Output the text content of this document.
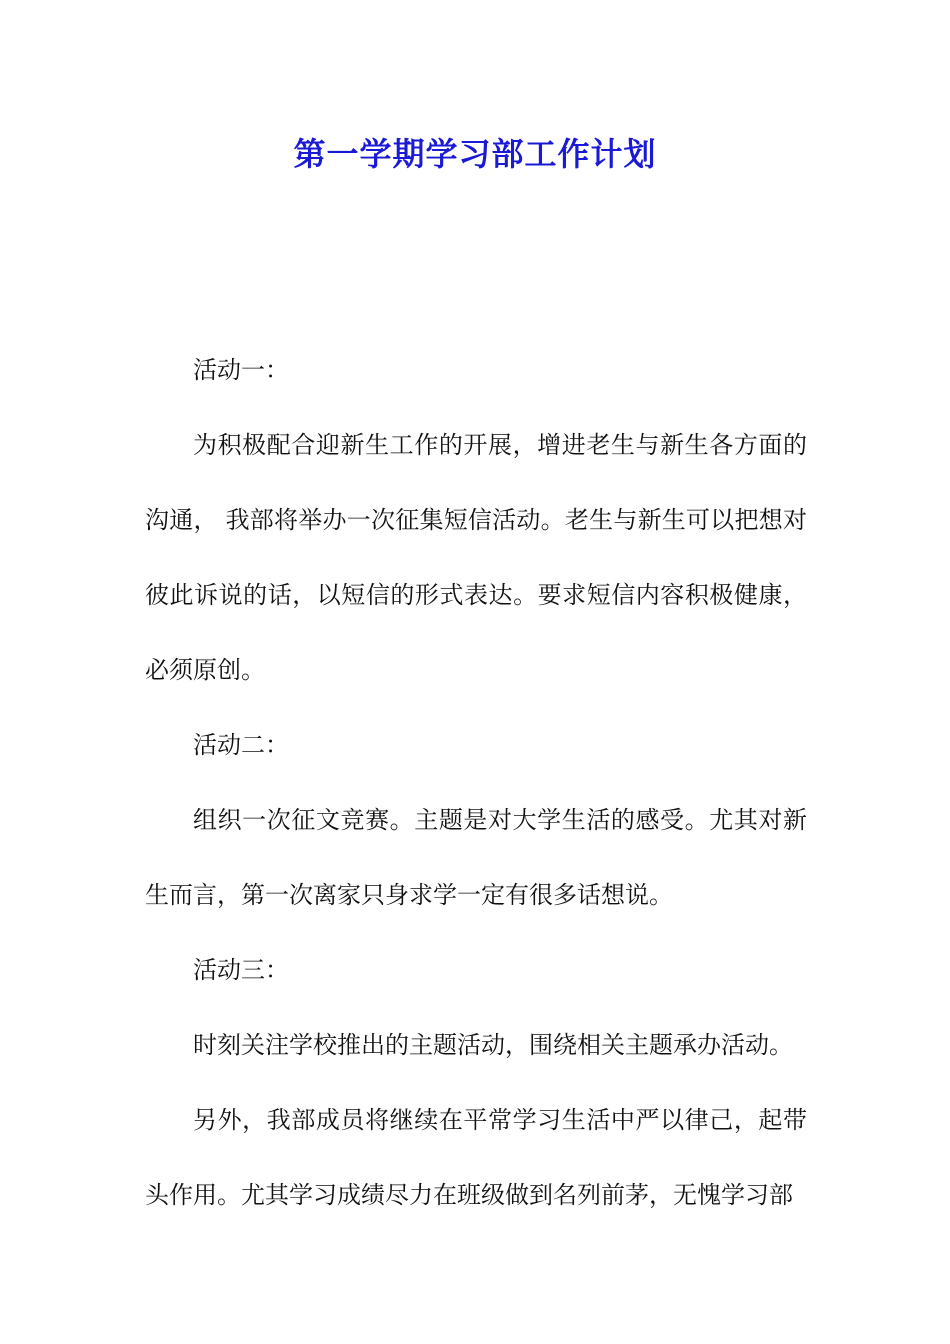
第一学期学习部工作计划

活动一：

为积极配合迎新生工作的开展，增进老生与新生各方面的沟通， 我部将举办一次征集短信活动。老生与新生可以把想对彼此诉说的话，以短信的形式表达。要求短信内容积极健康，必须原创。

活动二：

组织一次征文竞赛。主题是对大学生活的感受。尤其对新生而言，第一次离家只身求学一定有很多话想说。

活动三：

时刻关注学校推出的主题活动，围绕相关主题承办活动。

另外，我部成员将继续在平常学习生活中严以律己，起带头作用。尤其学习成绩尽力在班级做到名列前茅，无愧学习部
